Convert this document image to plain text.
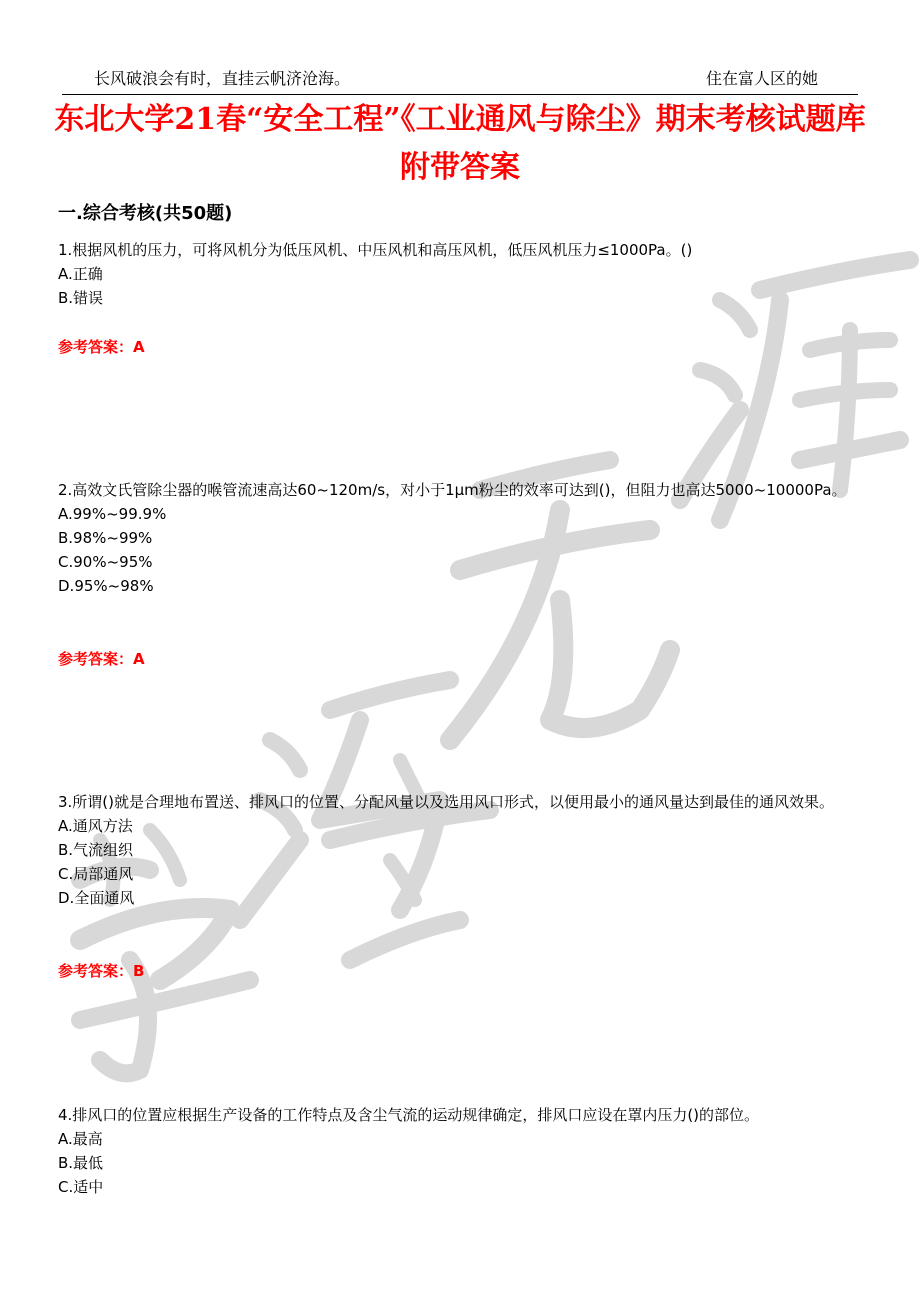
长风破浪会有时，直挂云帆济沧海。	住在富人区的她
东北大学21春“安全工程”《工业通风与除尘》期末考核试题库附带答案
一.综合考核(共50题)

1.根据风机的压力，可将风机分为低压风机、中压风机和高压风机，低压风机压力≤1000Pa。()

A.正确

B.错误

参考答案：A

2.高效文氏管除尘器的喉管流速高达60~120m/s，对小于1μm粉尘的效率可达到()，但阻力也高达5000~10000Pa。

A.99%~99.9%

B.98%~99%

C.90%~95%

D.95%~98%

参考答案：A

3.所谓()就是合理地布置送、排风口的位置、分配风量以及选用风口形式，以便用最小的通风量达到最佳的通风效果。

A.通风方法

B.气流组织

C.局部通风

D.全面通风

参考答案：B

4.排风口的位置应根据生产设备的工作特点及含尘气流的运动规律确定，排风口应设在罩内压力()的部位。

A.最高

B.最低

C.适中
